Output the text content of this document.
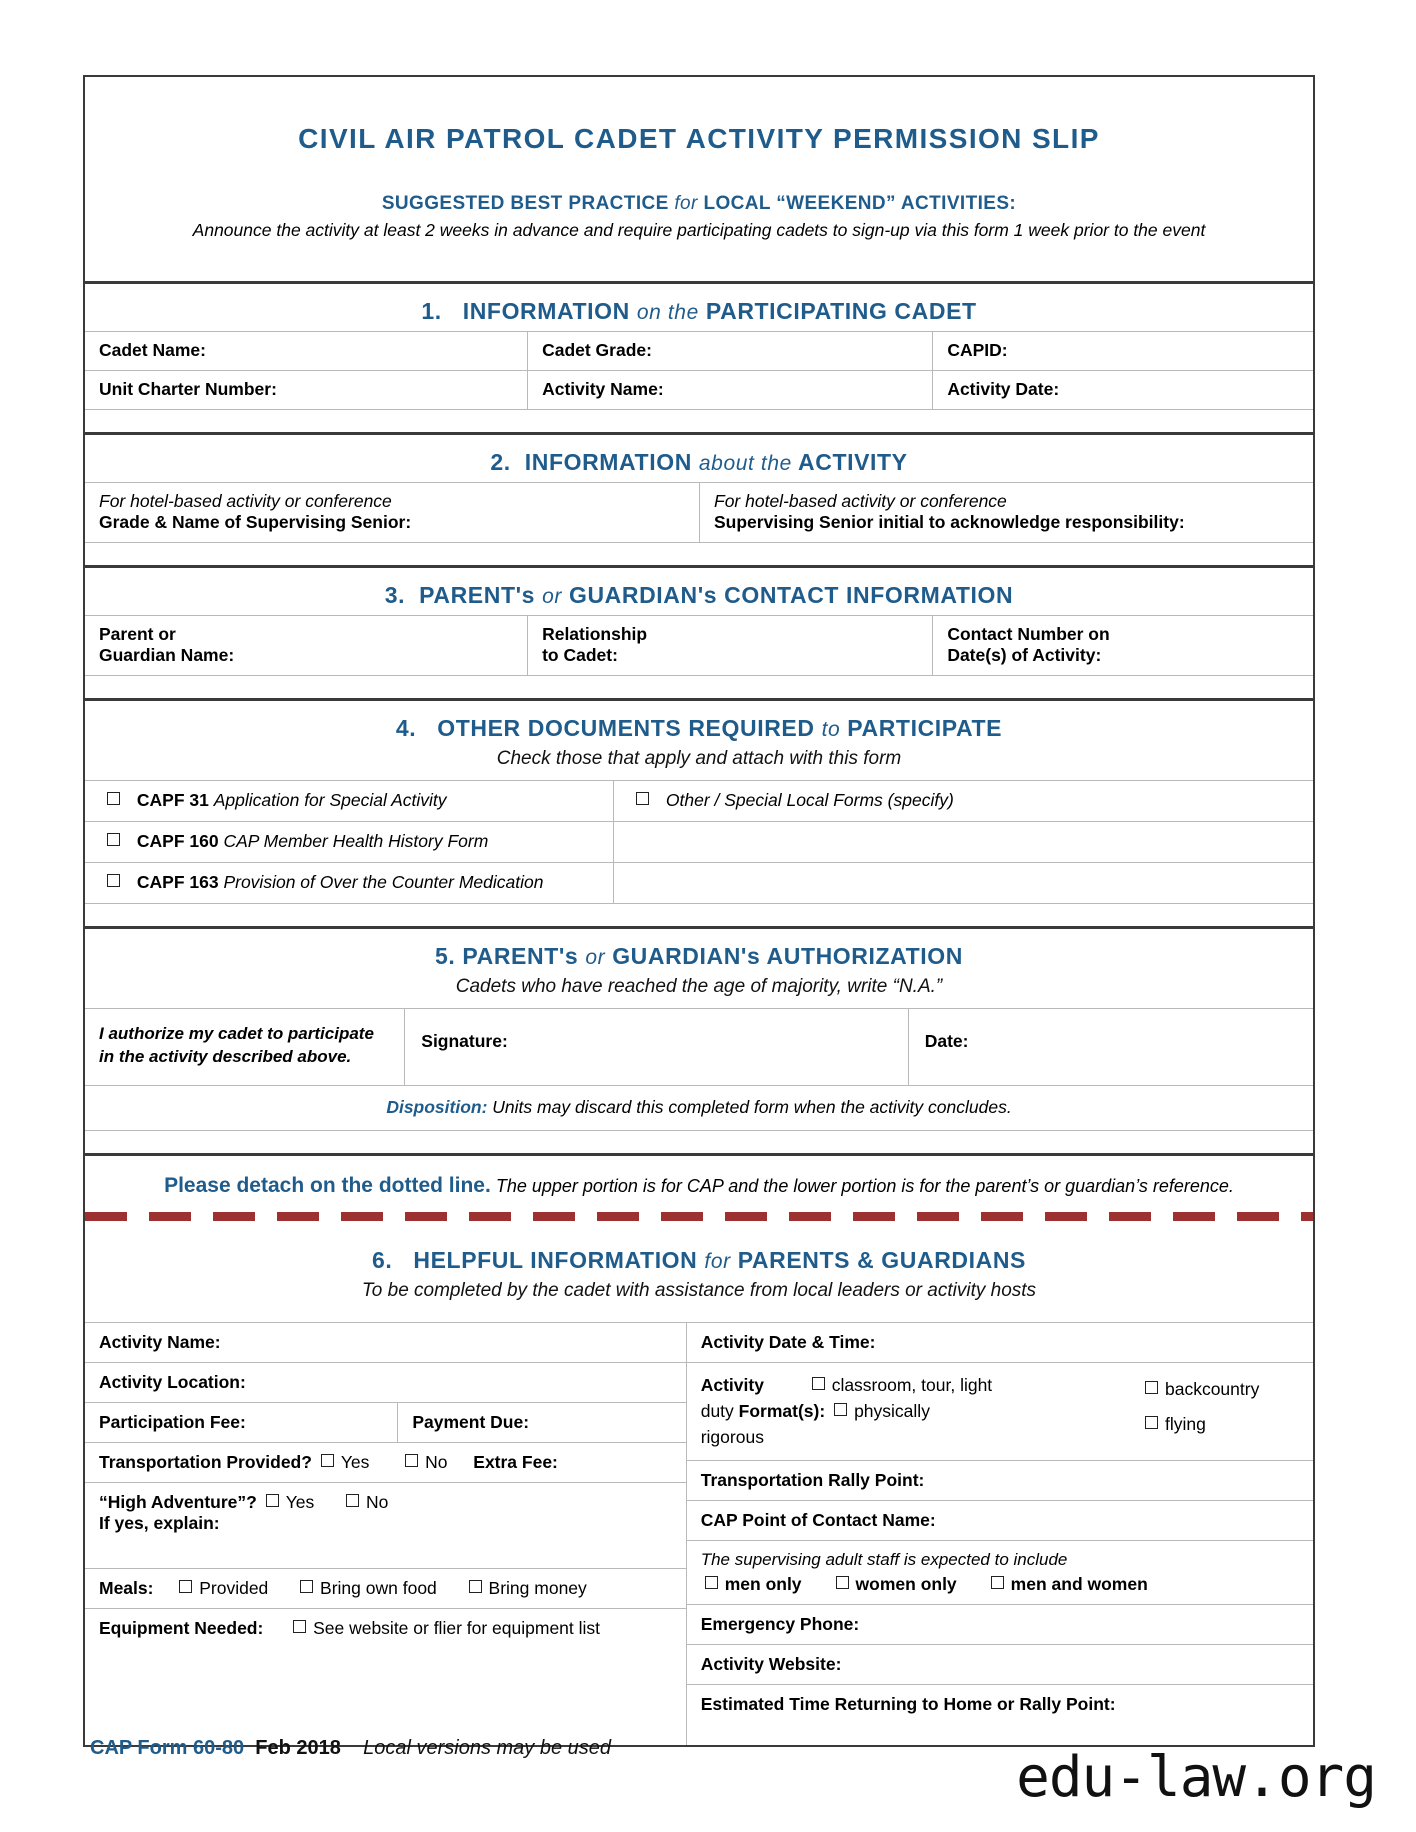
CIVIL AIR PATROL CADET ACTIVITY PERMISSION SLIP
SUGGESTED BEST PRACTICE for LOCAL “WEEKEND” ACTIVITIES:
Announce the activity at least 2 weeks in advance and require participating cadets to sign-up via this form 1 week prior to the event
1. INFORMATION on the PARTICIPATING CADET
Cadet Name:	Cadet Grade:	CAPID:
Unit Charter Number:	Activity Name:	Activity Date:
2. INFORMATION about the ACTIVITY
For hotel-based activity or conference
Grade & Name of Supervising Senior:
For hotel-based activity or conference
Supervising Senior initial to acknowledge responsibility:
3. PARENT's or GUARDIAN's CONTACT INFORMATION
Parent or
Guardian Name:
Relationship
to Cadet:
Contact Number on
Date(s) of Activity:
4. OTHER DOCUMENTS REQUIRED to PARTICIPATE
Check those that apply and attach with this form
CAPF 31 Application for Special Activity	Other / Special Local Forms (specify)
CAPF 160 CAP Member Health History Form

CAPF 163 Provision of Over the Counter Medication

5. PARENT's or GUARDIAN's AUTHORIZATION
Cadets who have reached the age of majority, write “N.A.”
I authorize my cadet to participate in the activity described above.
Signature:	Date:
Disposition: Units may discard this completed form when the activity concludes.
Please detach on the dotted line. The upper portion is for CAP and the lower portion is for the parent’s or guardian’s reference.
6. HELPFUL INFORMATION for PARENTS & GUARDIANS
To be completed by the cadet with assistance from local leaders or activity hosts
Activity Name:
Activity Location:
Participation Fee:	Payment Due:
Transportation Provided? Yes	No Extra Fee:
“High Adventure”? Yes	No
If yes, explain:
Meals:	Provided	Bring own food	Bring money
Equipment Needed:	See website or flier for equipment list
Activity Date & Time:
Activity	classroom, tour, light
duty Format(s): physically
rigorous
backcountry
flying
Transportation Rally Point:
CAP Point of Contact Name:
The supervising adult staff is expected to include
men only	women only	men and women
Emergency Phone:
Activity Website:
Estimated Time Returning to Home or Rally Point:
CAP Form 60-80 Feb 2018 Local versions may be used	edu-law.org
